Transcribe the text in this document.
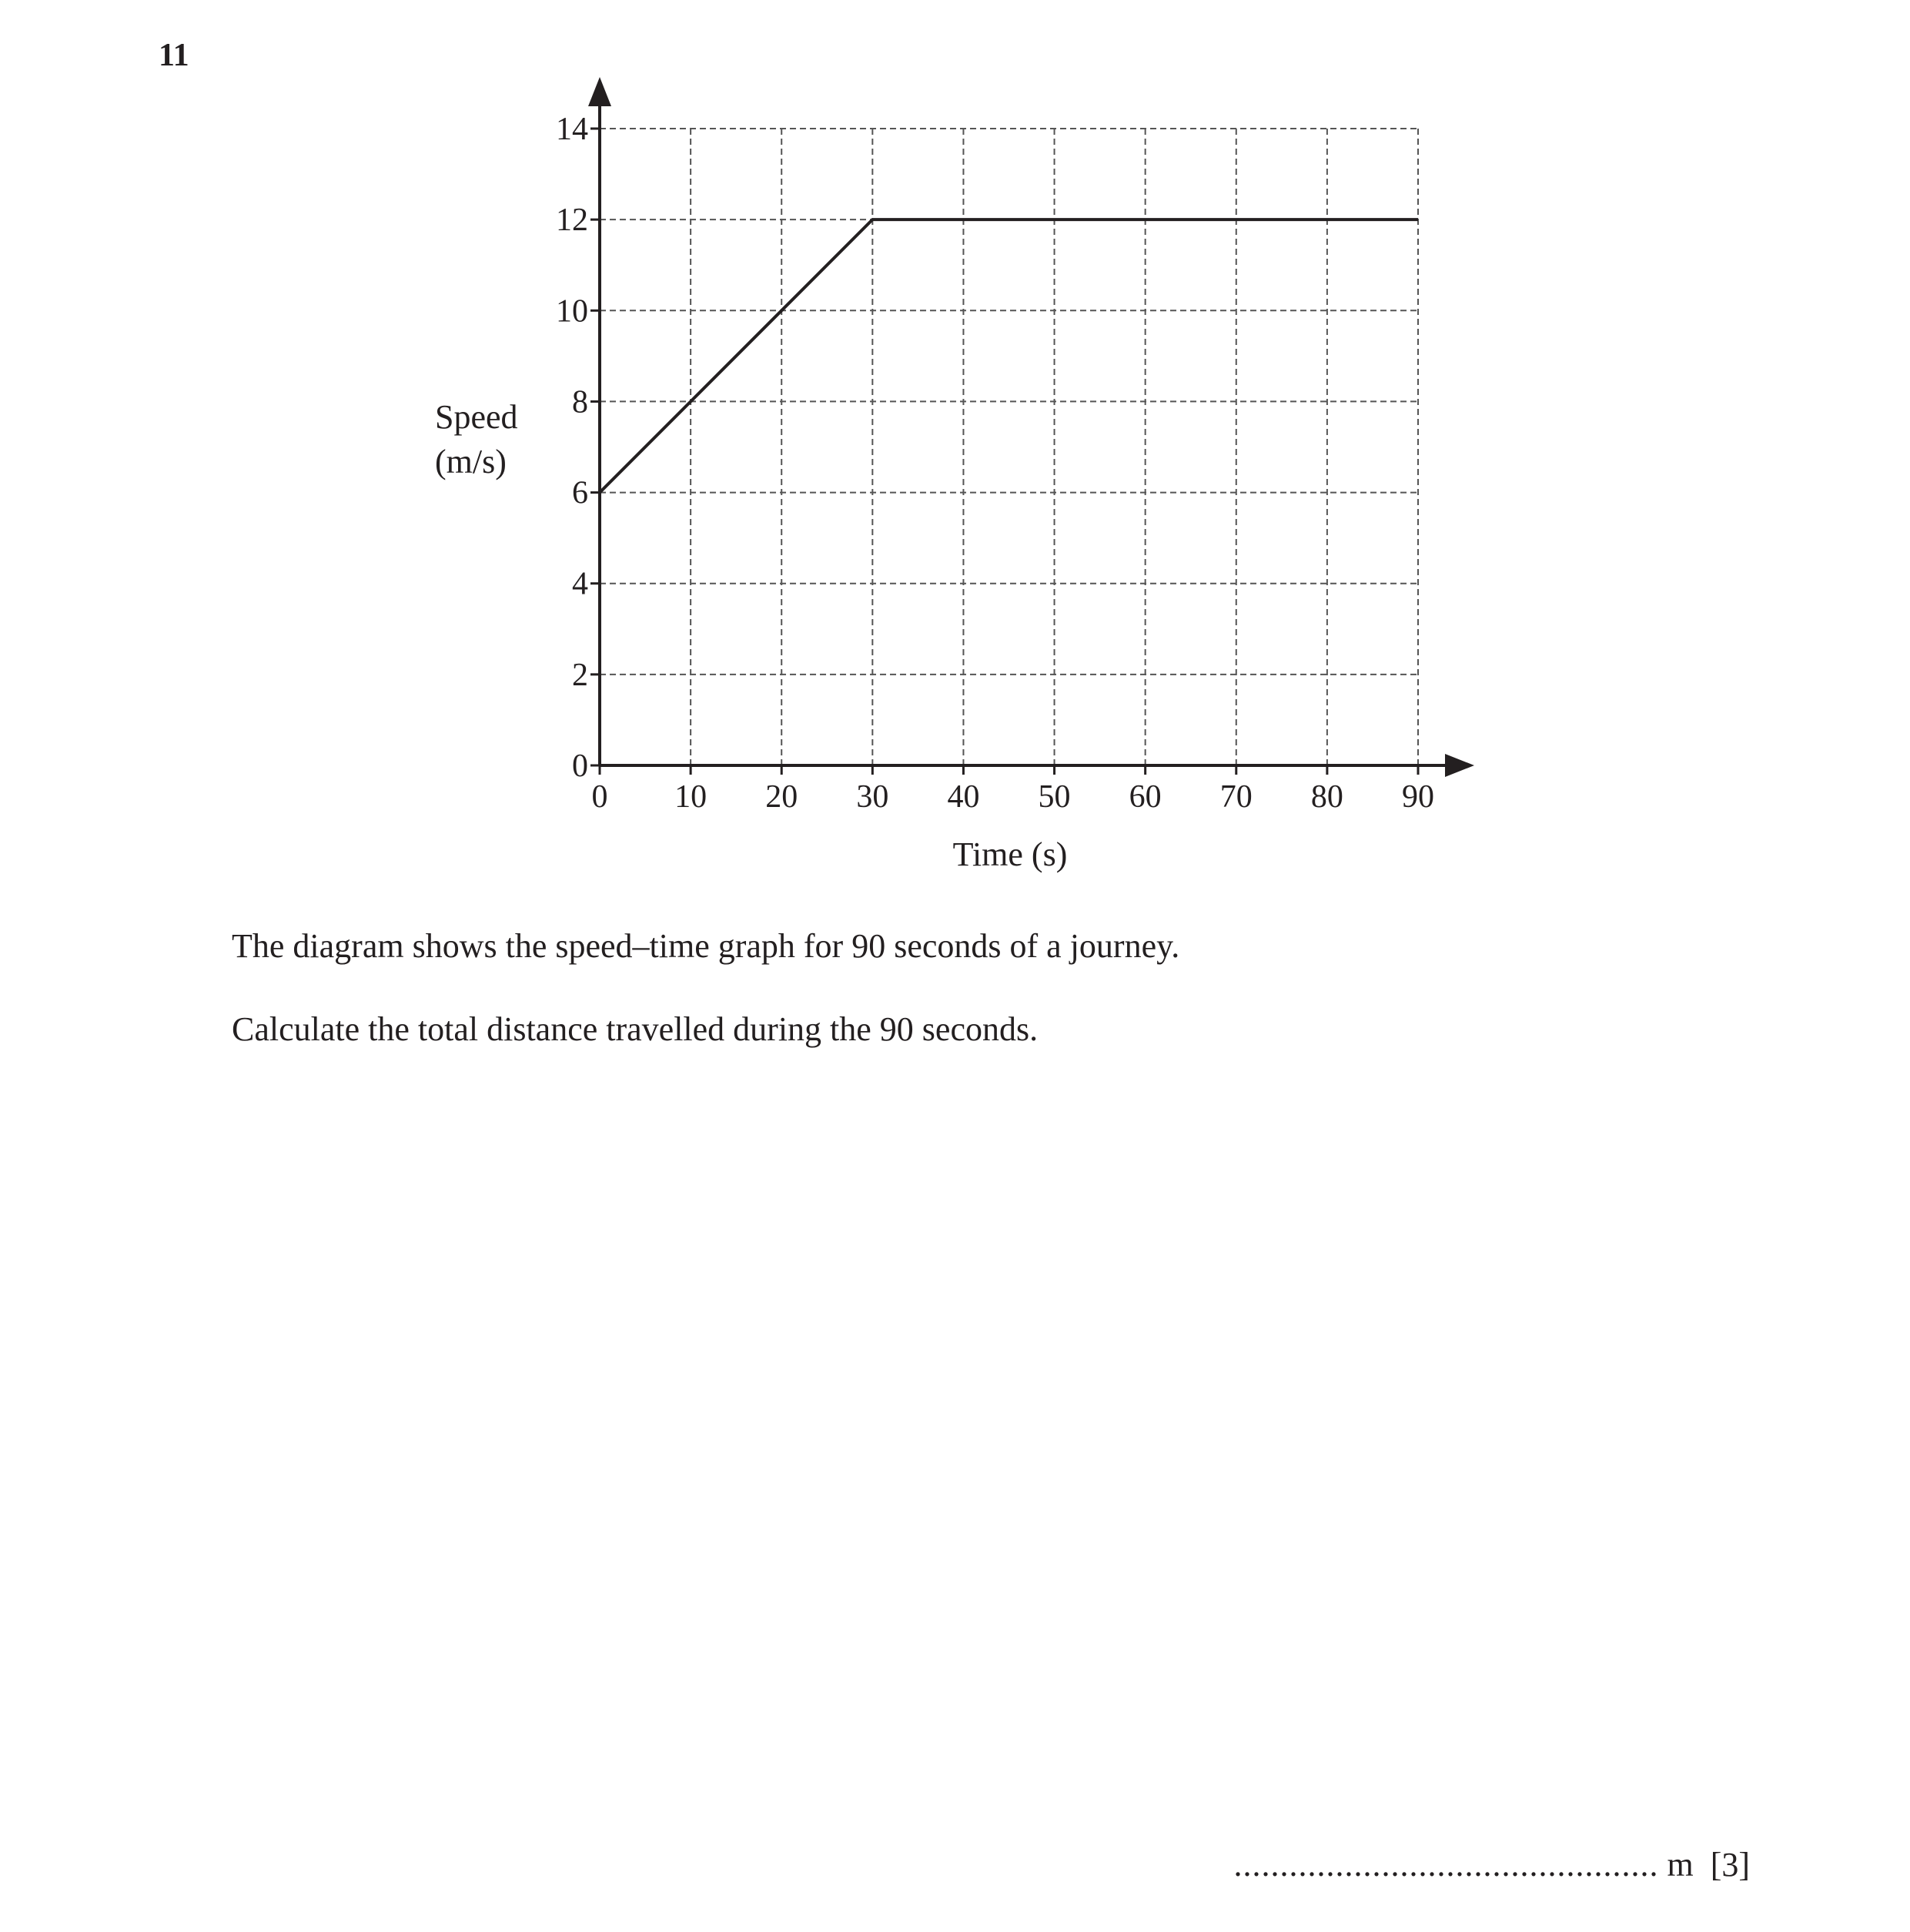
11
0
2
4
6
8
10
12
14
0 10 20 30 40 50 60 70 80 90
Speed
(m/s)
Time (s)
The diagram shows the speed–time graph for 90 seconds of a journey.
Calculate the total distance travelled during the 90 seconds.
.............................................. m [3]
